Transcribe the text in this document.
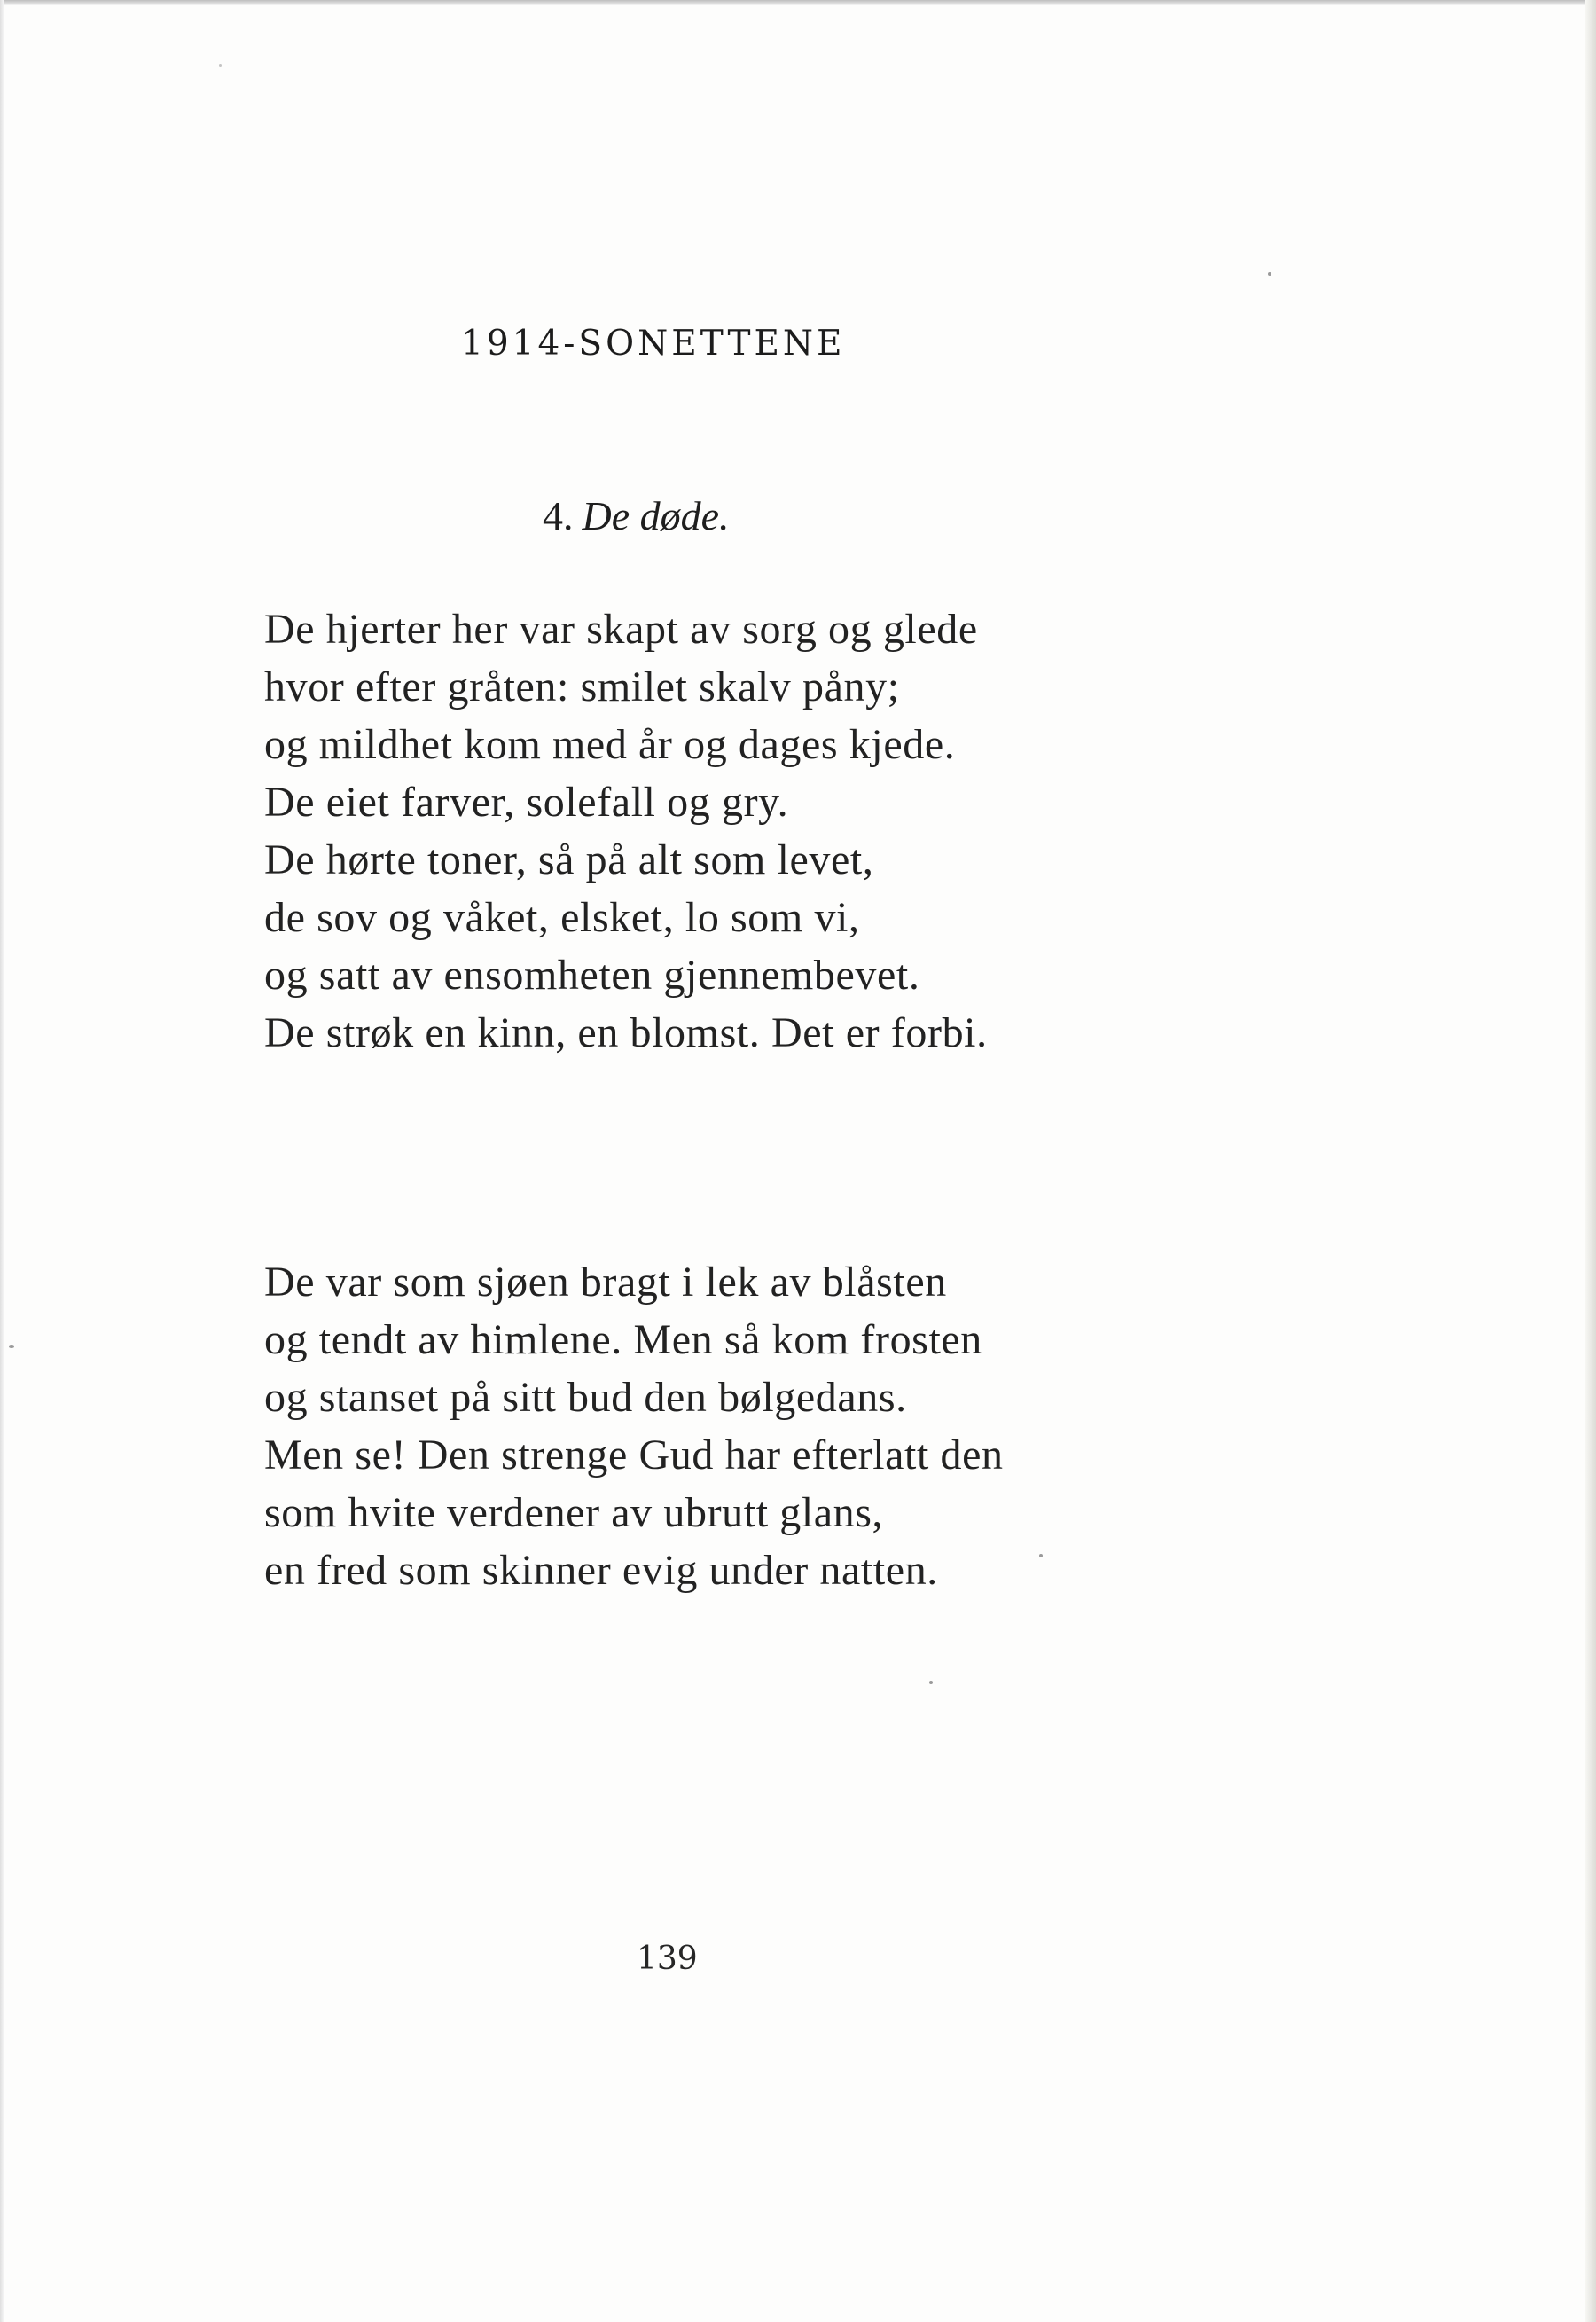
1914-SONETTENE
4. De døde.
De hjerter her var skapt av sorg og glede
hvor efter gråten: smilet skalv påny;
og mildhet kom med år og dages kjede.
De eiet farver, solefall og gry.
De hørte toner, så på alt som levet,
de sov og våket, elsket, lo som vi,
og satt av ensomheten gjennembevet.
De strøk en kinn, en blomst. Det er forbi.
De var som sjøen bragt i lek av blåsten
og tendt av himlene. Men så kom frosten
og stanset på sitt bud den bølgedans.
Men se! Den strenge Gud har efterlatt den
som hvite verdener av ubrutt glans,
en fred som skinner evig under natten.
139
